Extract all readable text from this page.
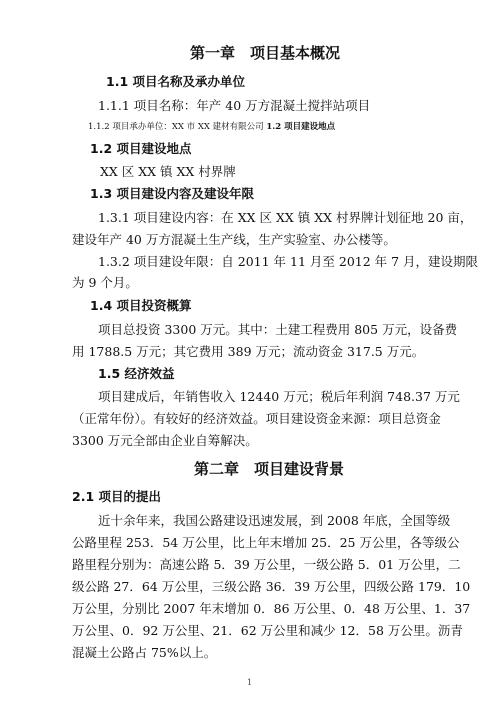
第一章　项目基本概况
1.1 项目名称及承办单位
1.1.1 项目名称：年产 40 万方混凝土搅拌站项目
1.1.2 项目承办单位：XX 市 XX 建材有限公司 1.2 项目建设地点
1.2 项目建设地点
XX 区 XX 镇 XX 村界牌
1.3 项目建设内容及建设年限
1.3.1 项目建设内容：在 XX 区 XX 镇 XX 村界牌计划征地 20 亩，
建设年产 40 万方混凝土生产线，生产实验室、办公楼等。
1.3.2 项目建设年限：自 2011 年 11 月至 2012 年 7 月，建设期限
为 9 个月。
1.4 项目投资概算
项目总投资 3300 万元。其中：土建工程费用 805 万元，设备费
用 1788.5 万元；其它费用 389 万元；流动资金 317.5 万元。
1.5 经济效益
项目建成后，年销售收入 12440 万元；税后年利润 748.37 万元
（正常年份）。有较好的经济效益。项目建设资金来源：项目总资金
3300 万元全部由企业自筹解决。
第二章　项目建设背景
2.1 项目的提出
近十余年来，我国公路建设迅速发展，到 2008 年底，全国等级
公路里程 253．54 万公里，比上年末增加 25．25 万公里，各等级公
路里程分别为：高速公路 5．39 万公里，一级公路 5．01 万公里，二
级公路 27．64 万公里，三级公路 36．39 万公里，四级公路 179．10
万公里，分别比 2007 年末增加 0．86 万公里、0．48 万公里、1．37
万公里、0．92 万公里、21．62 万公里和减少 12．58 万公里。沥青
混凝土公路占 75%以上。
1
